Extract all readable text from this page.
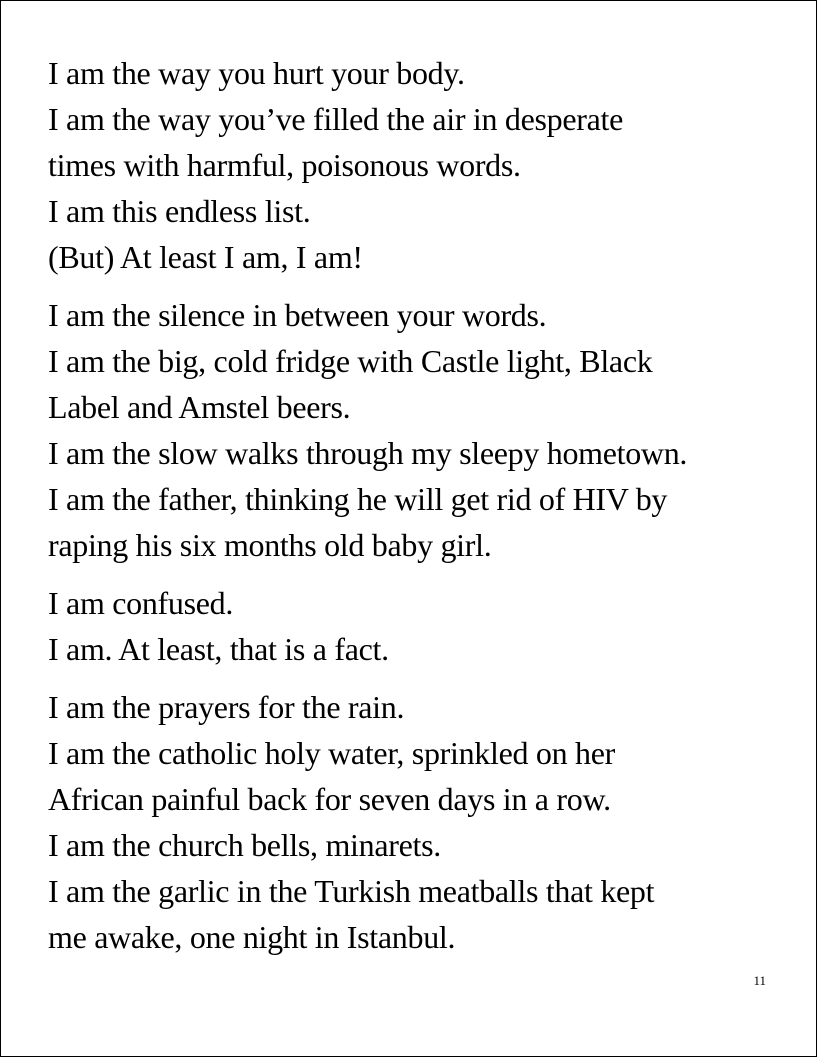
I am the way you hurt your body.
I am the way you’ve filled the air in desperate
times with harmful, poisonous words.
I am this endless list.
(But) At least I am, I am!
I am the silence in between your words.
I am the big, cold fridge with Castle light, Black
Label and Amstel beers.
I am the slow walks through my sleepy hometown.
I am the father, thinking he will get rid of HIV by
raping his six months old baby girl.
I am confused.
I am. At least, that is a fact.
I am the prayers for the rain.
I am the catholic holy water, sprinkled on her
African painful back for seven days in a row.
I am the church bells, minarets.
I am the garlic in the Turkish meatballs that kept
me awake, one night in Istanbul.
11
